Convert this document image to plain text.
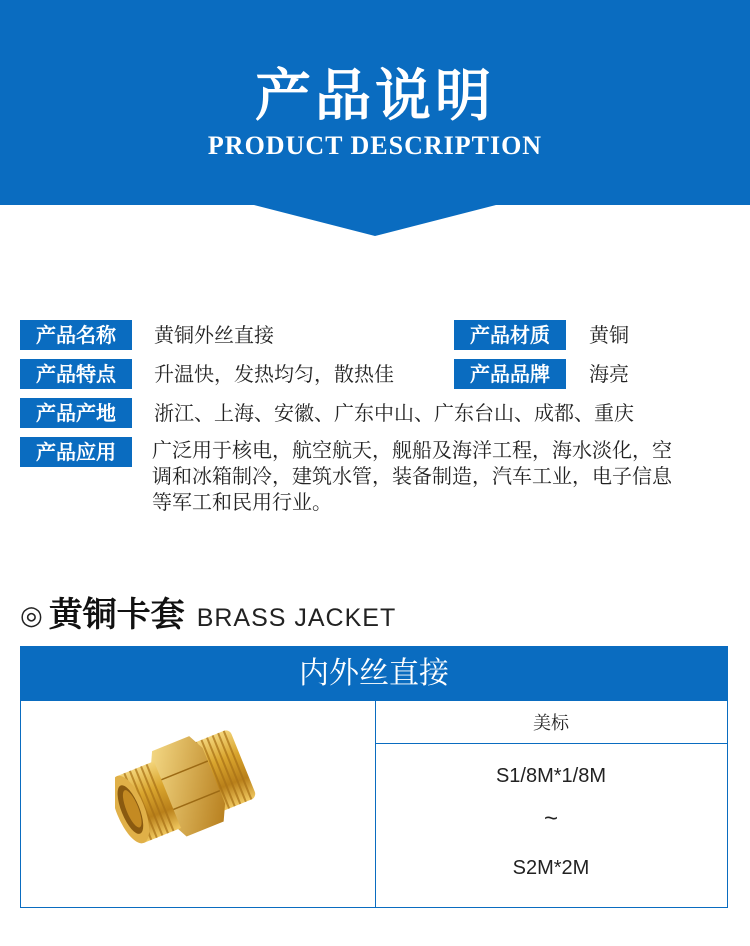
产品说明
PRODUCT DESCRIPTION
产品名称	黄铜外丝直接	产品材质	黄铜
产品特点	升温快，发热均匀，散热佳	产品品牌	海亮
产品产地	浙江、上海、安徽、广东中山、广东台山、成都、重庆
产品应用	广泛用于核电，航空航天，舰船及海洋工程，海水淡化，空
调和冰箱制冷，建筑水管，装备制造，汽车工业，电子信息
等军工和民用行业。
◎ 黄铜卡套 BRASS JACKET
内外丝直接
美标
S1/8M*1/8M
~
S2M*2M
